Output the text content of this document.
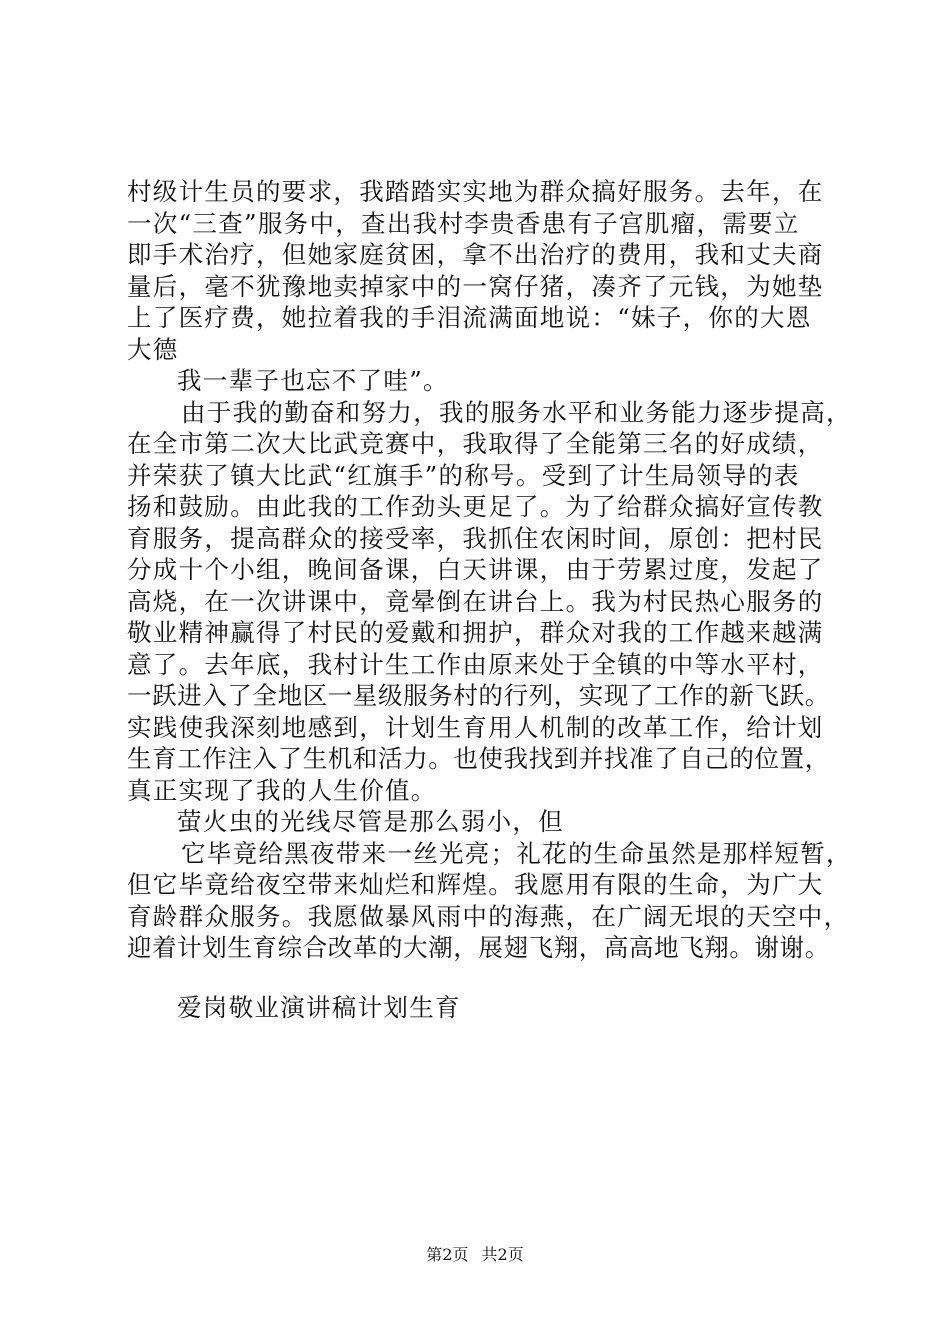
村级计生员的要求，我踏踏实实地为群众搞好服务。去年，在
一次“三查”服务中，查出我村李贵香患有子宫肌瘤，需要立
即手术治疗，但她家庭贫困，拿不出治疗的费用，我和丈夫商
量后，毫不犹豫地卖掉家中的一窝仔猪，凑齐了元钱，为她垫
上了医疗费，她拉着我的手泪流满面地说：“妹子，你的大恩
大德
我一辈子也忘不了哇”。
由于我的勤奋和努力，我的服务水平和业务能力逐步提高，
在全市第二次大比武竞赛中，我取得了全能第三名的好成绩，
并荣获了镇大比武“红旗手”的称号。受到了计生局领导的表
扬和鼓励。由此我的工作劲头更足了。为了给群众搞好宣传教
育服务，提高群众的接受率，我抓住农闲时间，原创：把村民
分成十个小组，晚间备课，白天讲课，由于劳累过度，发起了
高烧，在一次讲课中，竟晕倒在讲台上。我为村民热心服务的
敬业精神赢得了村民的爱戴和拥护，群众对我的工作越来越满
意了。去年底，我村计生工作由原来处于全镇的中等水平村，
一跃进入了全地区一星级服务村的行列，实现了工作的新飞跃。
实践使我深刻地感到，计划生育用人机制的改革工作，给计划
生育工作注入了生机和活力。也使我找到并找准了自己的位置，
真正实现了我的人生价值。
萤火虫的光线尽管是那么弱小，但
它毕竟给黑夜带来一丝光亮；礼花的生命虽然是那样短暂，
但它毕竟给夜空带来灿烂和辉煌。我愿用有限的生命，为广大
育龄群众服务。我愿做暴风雨中的海燕，在广阔无垠的天空中，
迎着计划生育综合改革的大潮，展翅飞翔，高高地飞翔。谢谢。
爱岗敬业演讲稿计划生育
第2页 共2页
